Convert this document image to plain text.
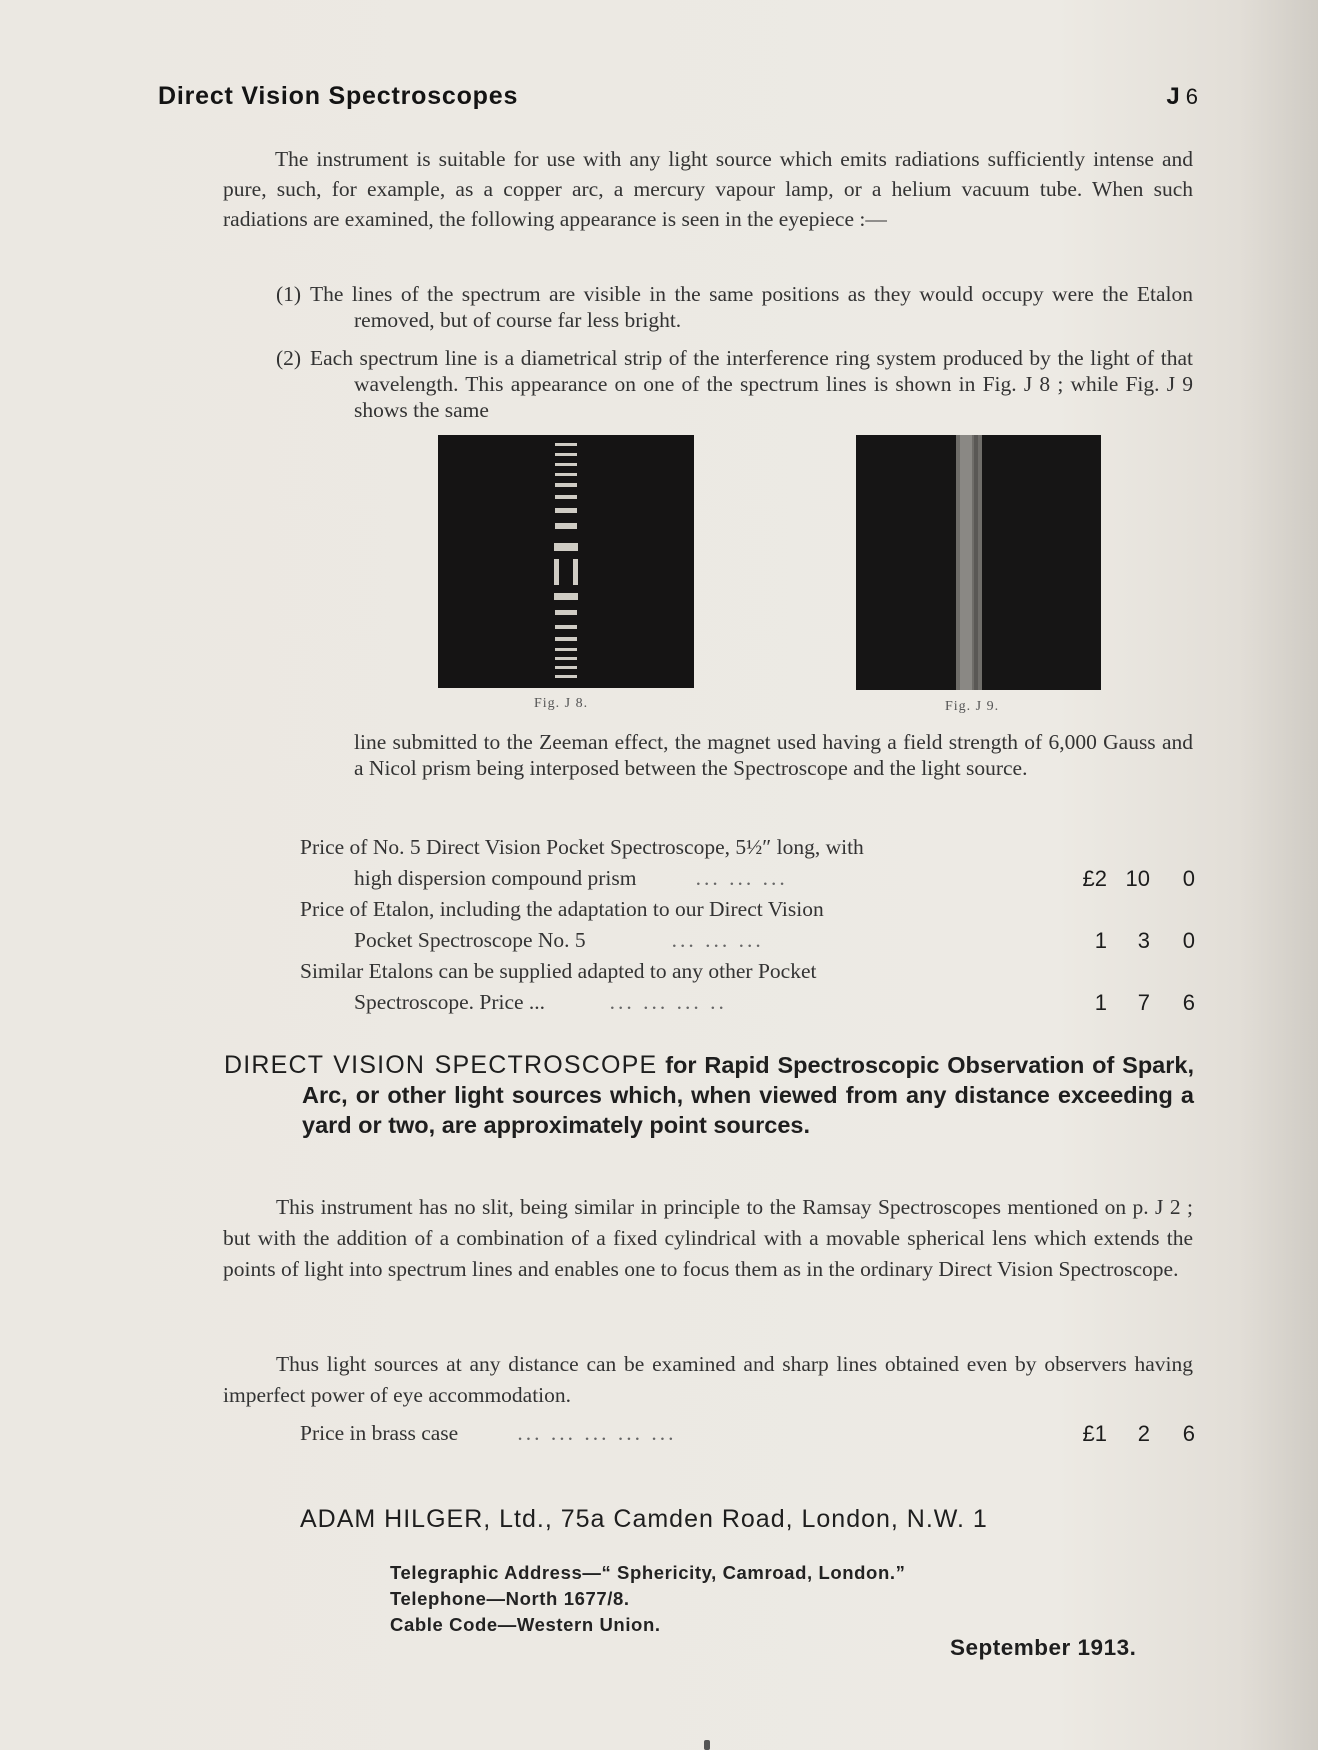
Direct Vision Spectroscopes	J 6
The instrument is suitable for use with any light source which emits radiations sufficiently intense and pure, such, for example, as a copper arc, a mercury vapour lamp, or a helium vacuum tube. When such radiations are examined, the following appearance is seen in the eyepiece :—
(1) The lines of the spectrum are visible in the same positions as they would occupy were the Etalon removed, but of course far less bright.
(2) Each spectrum line is a diametrical strip of the interference ring system produced by the light of that wavelength. This appearance on one of the spectrum lines is shown in Fig. J 8 ; while Fig. J 9 shows the same
Fig. J 8.	Fig. J 9.
line submitted to the Zeeman effect, the magnet used having a field strength of 6,000 Gauss and a Nicol prism being interposed between the Spectroscope and the light source.
Price of No. 5 Direct Vision Pocket Spectroscope, 5½″ long, with
high dispersion compound prism	... ... ...	£2 10	0
Price of Etalon, including the adaptation to our Direct Vision
Pocket Spectroscope No. 5	... ... ...	1	3	0
Similar Etalons can be supplied adapted to any other Pocket
Spectroscope. Price ...	... ... ... ..	1	7	6
DIRECT VISION SPECTROSCOPE for Rapid Spectroscopic Observation of Spark, Arc, or other light sources which, when viewed from any distance exceeding a yard or two, are approximately point sources.
This instrument has no slit, being similar in principle to the Ramsay Spectroscopes mentioned on p. J 2 ; but with the addition of a combination of a fixed cylindrical with a movable spherical lens which extends the points of light into spectrum lines and enables one to focus them as in the ordinary Direct Vision Spectroscope.
Thus light sources at any distance can be examined and sharp lines obtained even by observers having imperfect power of eye accommodation.
Price in brass case	... ... ... ... ...	£1	2	6
ADAM HILGER, Ltd., 75a Camden Road, London, N.W. 1
Telegraphic Address—“ Sphericity, Camroad, London.”
Telephone—North 1677/8.
Cable Code—Western Union.
September 1913.
